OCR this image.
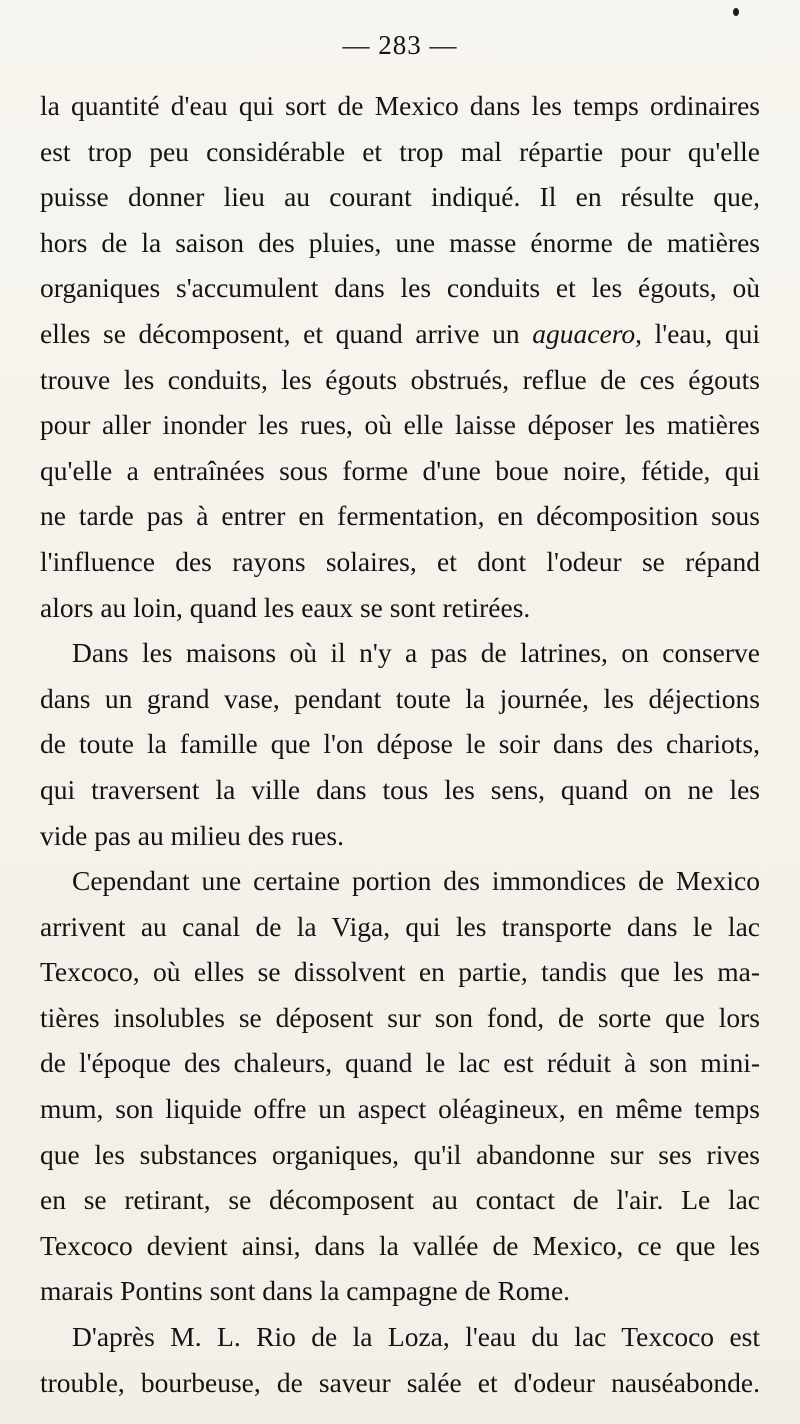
— 283 —
la quantité d'eau qui sort de Mexico dans les temps ordinaires
est trop peu considérable et trop mal répartie pour qu'elle
puisse donner lieu au courant indiqué. Il en résulte que,
hors de la saison des pluies, une masse énorme de matières
organiques s'accumulent dans les conduits et les égouts, où
elles se décomposent, et quand arrive un aguacero, l'eau, qui
trouve les conduits, les égouts obstrués, reflue de ces égouts
pour aller inonder les rues, où elle laisse déposer les matières
qu'elle a entraînées sous forme d'une boue noire, fétide, qui
ne tarde pas à entrer en fermentation, en décomposition sous
l'influence des rayons solaires, et dont l'odeur se répand
alors au loin, quand les eaux se sont retirées.
Dans les maisons où il n'y a pas de latrines, on conserve
dans un grand vase, pendant toute la journée, les déjections
de toute la famille que l'on dépose le soir dans des chariots,
qui traversent la ville dans tous les sens, quand on ne les
vide pas au milieu des rues.
Cependant une certaine portion des immondices de Mexico
arrivent au canal de la Viga, qui les transporte dans le lac
Texcoco, où elles se dissolvent en partie, tandis que les ma-
tières insolubles se déposent sur son fond, de sorte que lors
de l'époque des chaleurs, quand le lac est réduit à son mini-
mum, son liquide offre un aspect oléagineux, en même temps
que les substances organiques, qu'il abandonne sur ses rives
en se retirant, se décomposent au contact de l'air. Le lac
Texcoco devient ainsi, dans la vallée de Mexico, ce que les
marais Pontins sont dans la campagne de Rome.
D'après M. L. Rio de la Loza, l'eau du lac Texcoco est
trouble, bourbeuse, de saveur salée et d'odeur nauséabonde.
